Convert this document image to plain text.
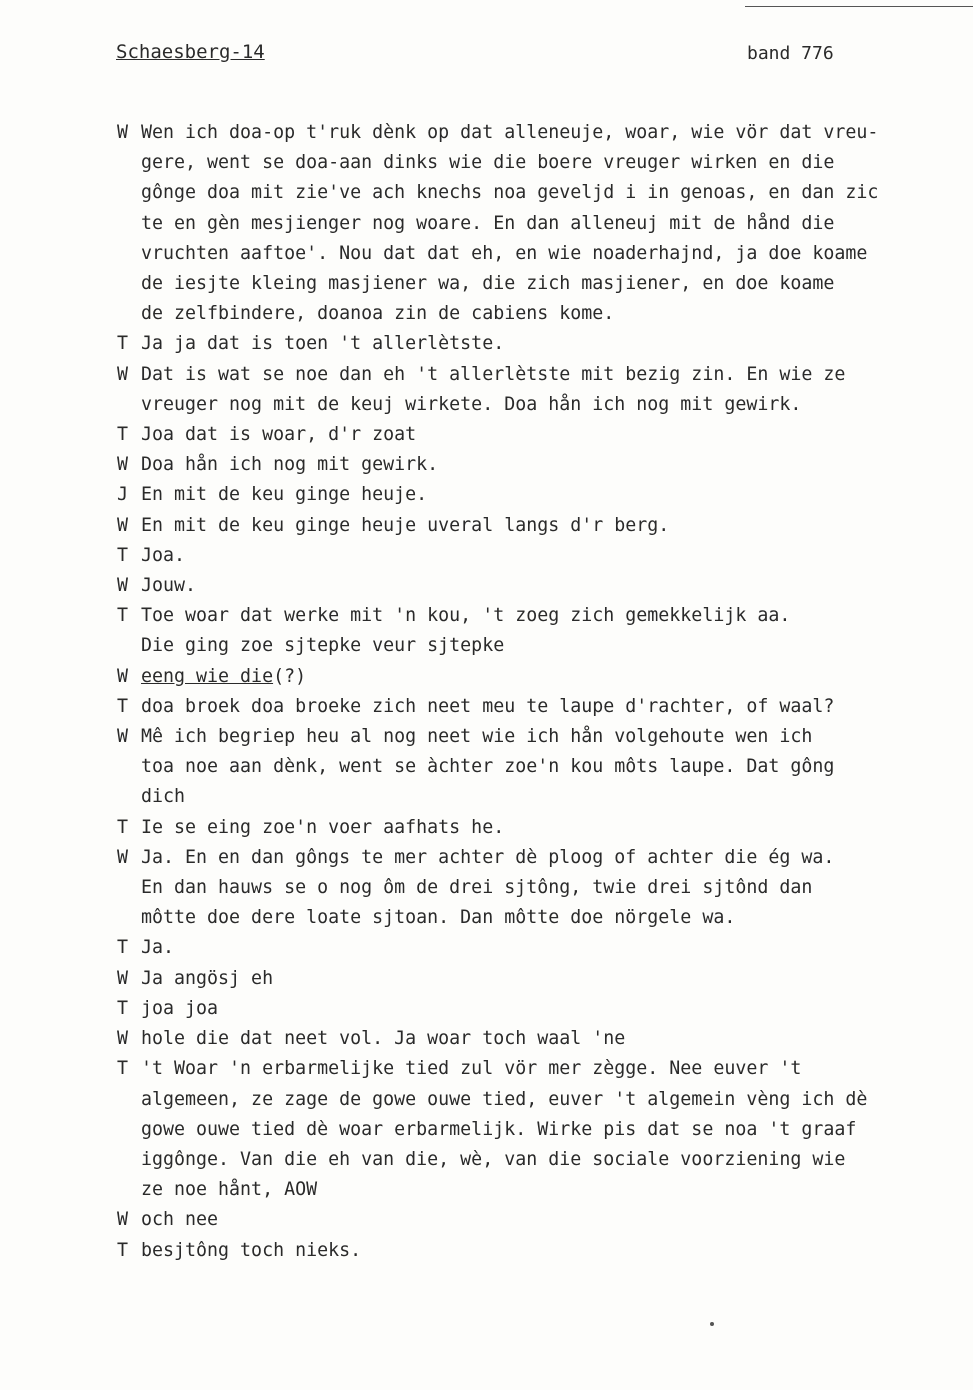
Schaesberg-14	band 776
W Wen ich doa-op t'ruk dènk op dat alleneuje, woar, wie vör dat vreu-
gere, went se doa-aan dinks wie die boere vreuger wirken en die
gônge doa mit zie've ach knechs noa geveljd i in genoas, en dan zic
te en gèn mesjienger nog woare. En dan alleneuj mit de hånd die
vruchten aaftoe'. Nou dat dat eh, en wie noaderhajnd, ja doe koame
de iesjte kleing masjiener wa, die zich masjiener, en doe koame
de zelfbindere, doanoa zin de cabiens kome.
T Ja ja dat is toen 't allerlètste.
W Dat is wat se noe dan eh 't allerlètste mit bezig zin. En wie ze
vreuger nog mit de keuj wirkete. Doa hån ich nog mit gewirk.
T Joa dat is woar, d'r zoat
W Doa hån ich nog mit gewirk.
J En mit de keu ginge heuje.
W En mit de keu ginge heuje uveral langs d'r berg.
T Joa.
W Jouw.
T Toe woar dat werke mit 'n kou, 't zoeg zich gemekkelijk aa.
Die ging zoe sjtepke veur sjtepke
W eeng wie die(?)
T doa broek doa broeke zich neet meu te laupe d'rachter, of waal?
W Mê ich begriep heu al nog neet wie ich hån volgehoute wen ich
toa noe aan dènk, went se àchter zoe'n kou môts laupe. Dat gông
dich
T Ie se eing zoe'n voer aafhats he.
W Ja. En en dan gôngs te mer achter dè ploog of achter die ég wa.
En dan hauws se o nog ôm de drei sjtông, twie drei sjtônd dan
môtte doe dere loate sjtoan. Dan môtte doe nörgele wa.
T Ja.
W Ja angösj eh
T joa joa
W hole die dat neet vol. Ja woar toch waal 'ne
T 't Woar 'n erbarmelijke tied zul vör mer zègge. Nee euver 't
algemeen, ze zage de gowe ouwe tied, euver 't algemein vèng ich dè
gowe ouwe tied dè woar erbarmelijk. Wirke pis dat se noa 't graaf
iggônge. Van die eh van die, wè, van die sociale voorziening wie
ze noe hånt, AOW
W och nee
T besjtông toch nieks.
